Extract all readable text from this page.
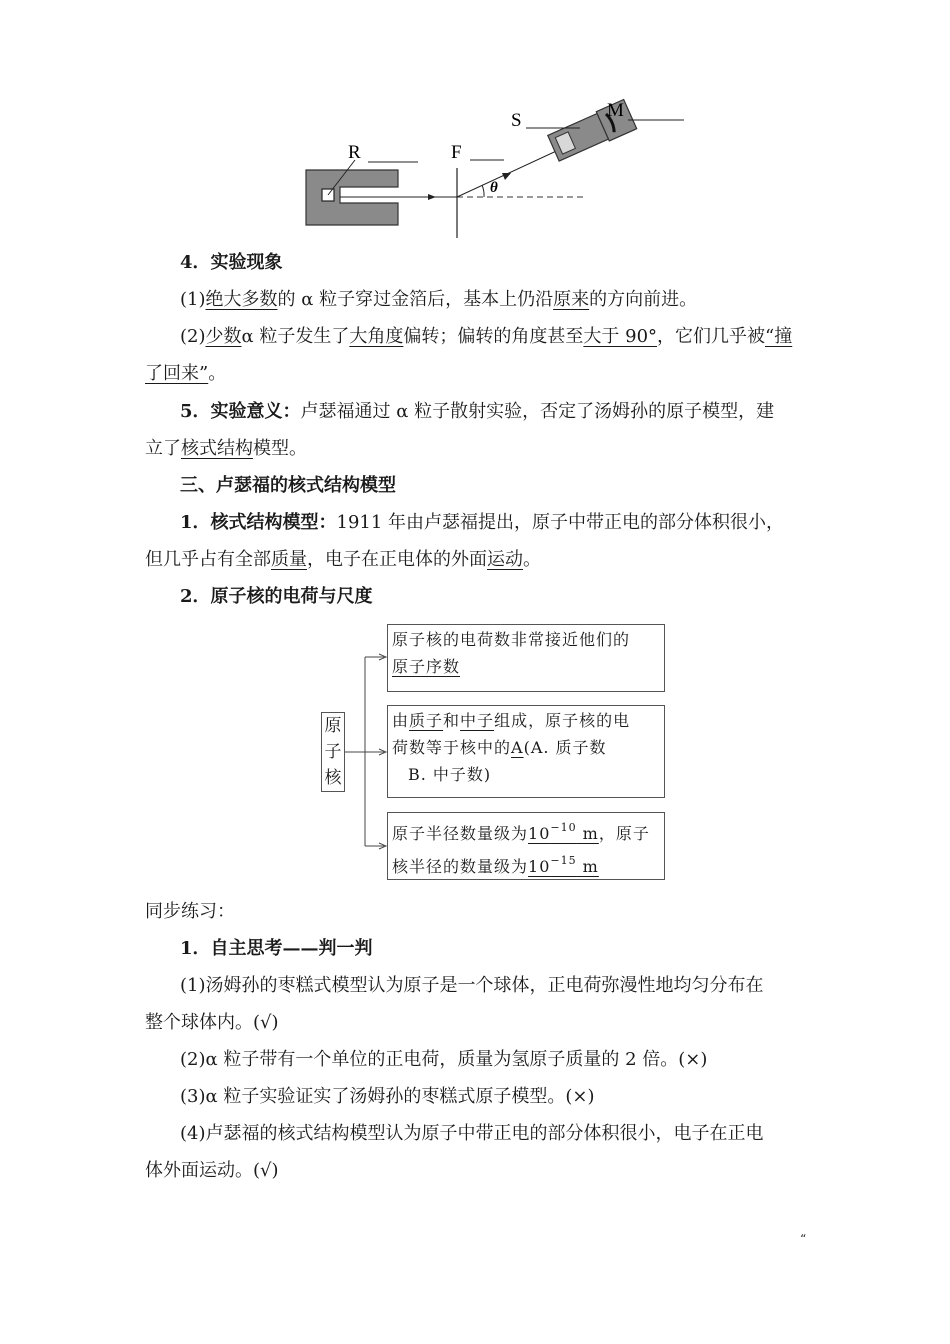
R	F
S	M
θ
4．实验现象
(1)绝大多数的 α 粒子穿过金箔后，基本上仍沿原来的方向前进。
(2)少数α 粒子发生了大角度偏转；偏转的角度甚至大于 90°，它们几乎被“撞
了回来”。
5．实验意义：卢瑟福通过 α 粒子散射实验，否定了汤姆孙的原子模型，建
立了核式结构模型。
三、卢瑟福的核式结构模型
1．核式结构模型：1911 年由卢瑟福提出，原子中带正电的部分体积很小，
但几乎占有全部质量，电子在正电体的外面运动。
2．原子核的电荷与尺度
原
子
核
原子核的电荷数非常接近他们的
原子序数
由质子和中子组成，原子核的电
荷数等于核中的A(A. 质子数
B. 中子数)
原子半径数量级为$10^{-10}$ m，原子
核半径的数量级为$10^{-15}$ m
同步练习：
1．自主思考——判一判
(1)汤姆孙的枣糕式模型认为原子是一个球体，正电荷弥漫性地均匀分布在
整个球体内。(√)
(2)α 粒子带有一个单位的正电荷，质量为氢原子质量的 2 倍。(×)
(3)α 粒子实验证实了汤姆孙的枣糕式原子模型。(×)
(4)卢瑟福的核式结构模型认为原子中带正电的部分体积很小，电子在正电
体外面运动。(√)
“
